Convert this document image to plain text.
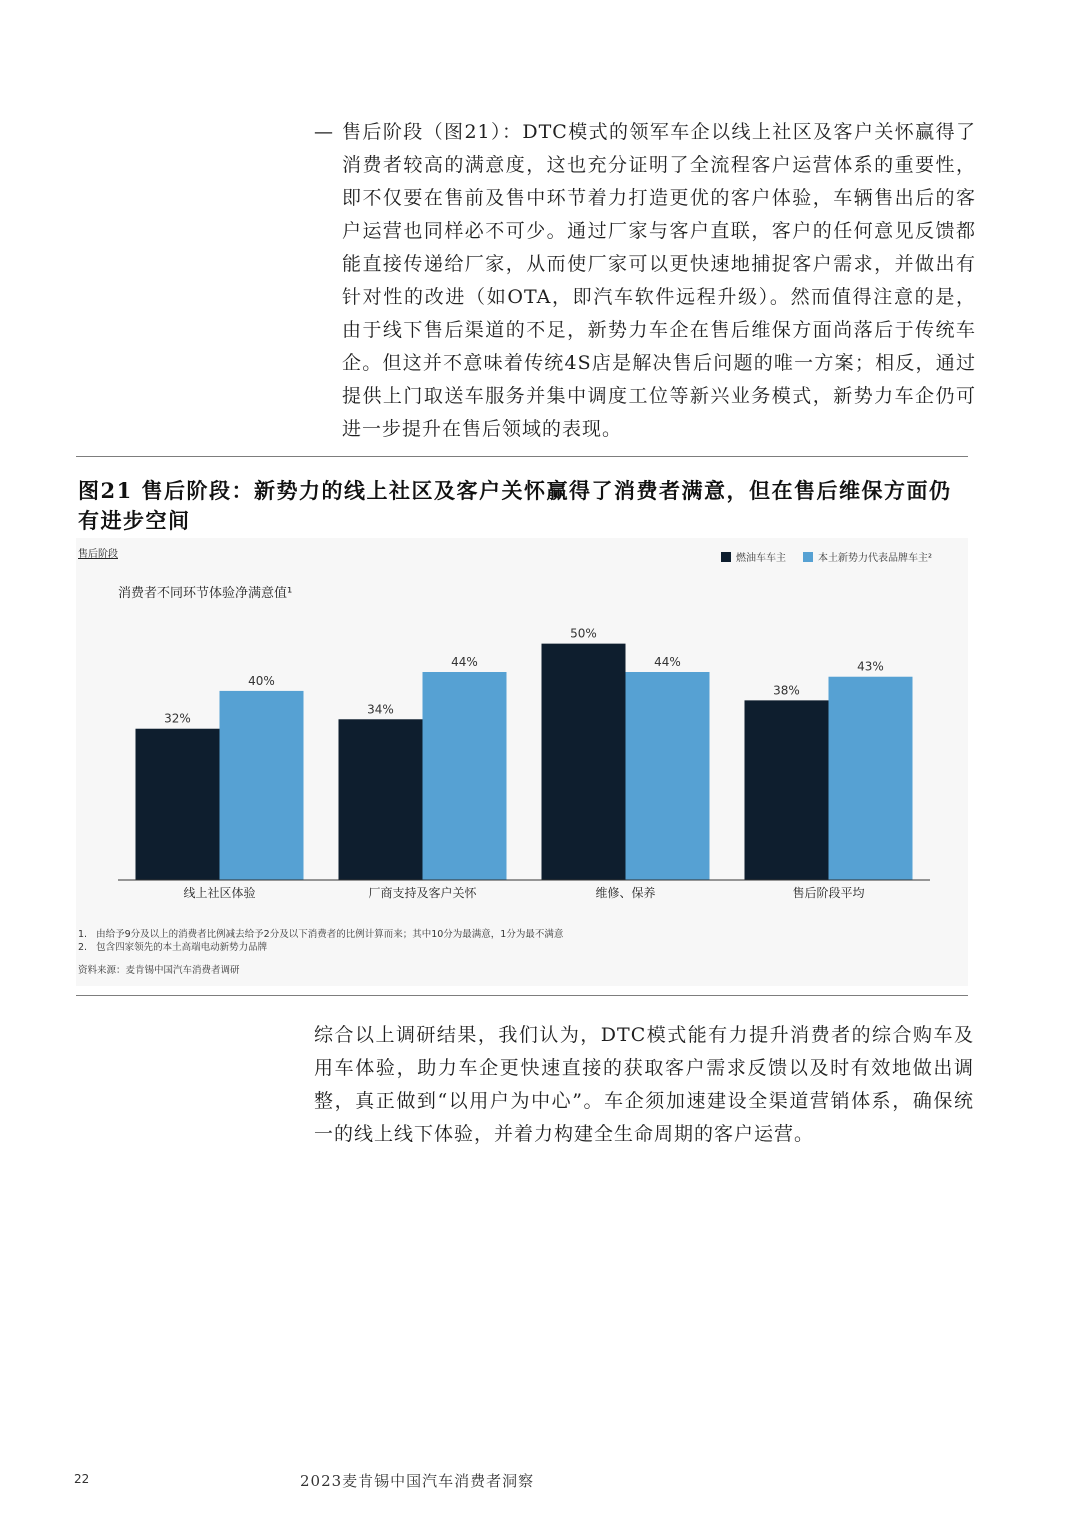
— 售后阶段（图21）：DTC模式的领军车企以线上社区及客户关怀赢得了消费者较高的满意度，这也充分证明了全流程客户运营体系的重要性，即不仅要在售前及售中环节着力打造更优的客户体验，车辆售出后的客户运营也同样必不可少。通过厂家与客户直联，客户的任何意见反馈都能直接传递给厂家，从而使厂家可以更快速地捕捉客户需求，并做出有针对性的改进（如OTA，即汽车软件远程升级）。然而值得注意的是，由于线下售后渠道的不足，新势力车企在售后维保方面尚落后于传统车企。但这并不意味着传统4S店是解决售后问题的唯一方案；相反，通过提供上门取送车服务并集中调度工位等新兴业务模式，新势力车企仍可进一步提升在售后领域的表现。
图21 售后阶段：新势力的线上社区及客户关怀赢得了消费者满意，但在售后维保方面仍有进步空间
售后阶段
消费者不同环节体验净满意值¹
燃油车车主	本土新势力代表品牌车主²
32%
40%
34%
44%
50%
44%
38%
43%
线上社区体验	厂商支持及客户关怀	维修、保养	售后阶段平均
1.   由给予9分及以上的消费者比例减去给予2分及以下消费者的比例计算而来；其中10分为最满意，1分为最不满意
2.   包含四家领先的本土高端电动新势力品牌
资料来源：麦肯锡中国汽车消费者调研
综合以上调研结果，我们认为，DTC模式能有力提升消费者的综合购车及用车体验，助力车企更快速直接的获取客户需求反馈以及时有效地做出调整，真正做到“以用户为中心”。车企须加速建设全渠道营销体系，确保统一的线上线下体验，并着力构建全生命周期的客户运营。
22	2023麦肯锡中国汽车消费者洞察
